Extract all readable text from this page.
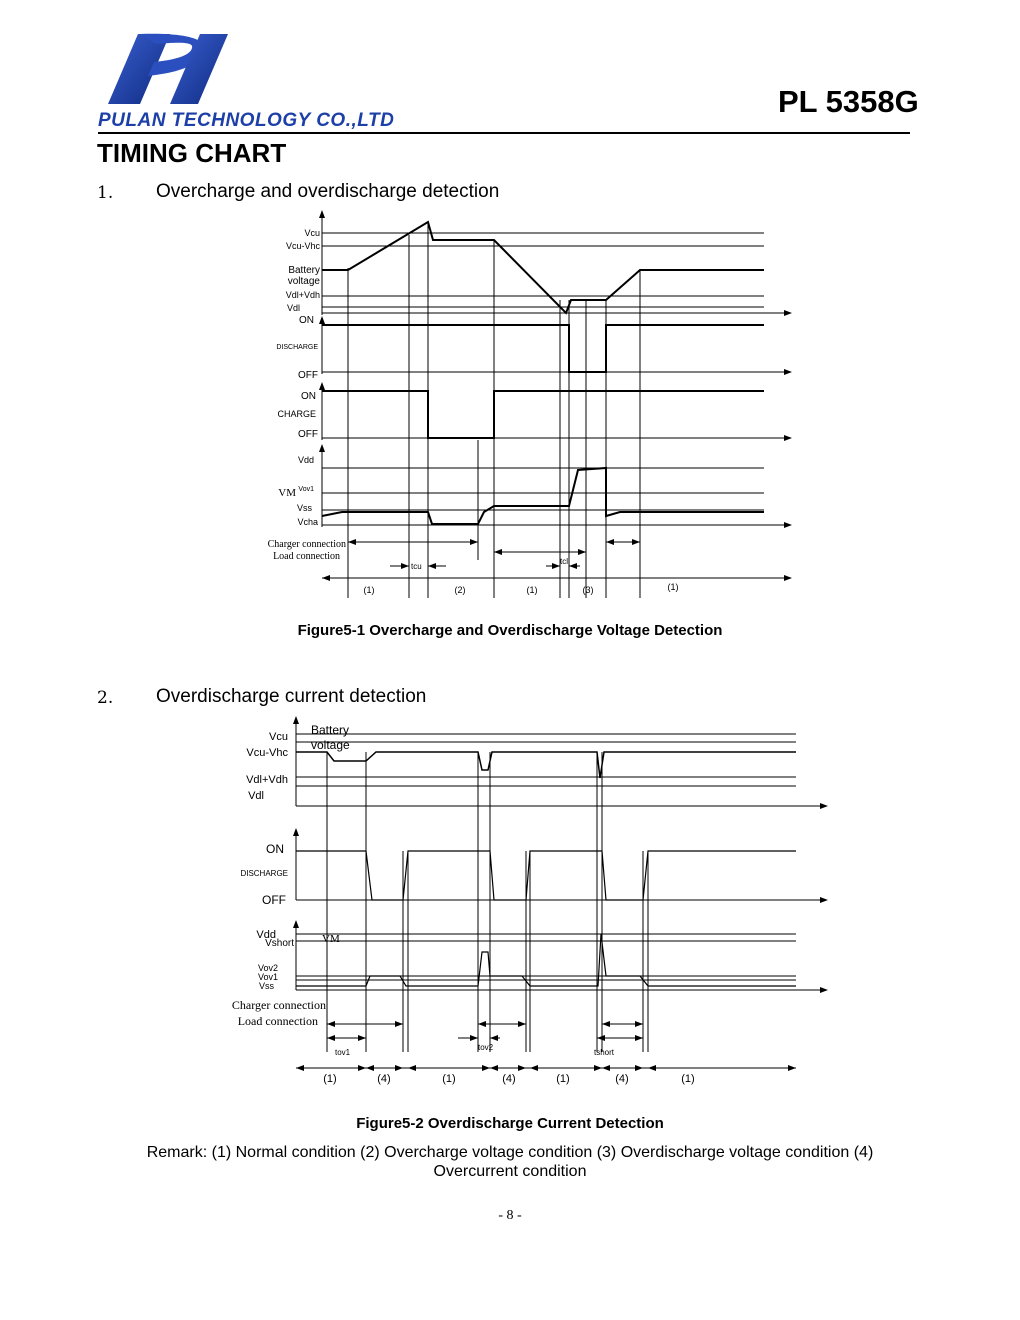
PULAN TECHNOLOGY CO.,LTD
PL 5358G
TIMING CHART
1. Overcharge and overdischarge detection
Vcu
Vcu-Vhc
Battery
voltage
Vdl+Vdh
Vdl
ON
DISCHARGE
OFF
ON
CHARGE
OFF
Vdd
VM Vov1
Vss
Vcha
Charger connection
Load connection
tcu
tcl
(1)	(2)	(1)	(3)	(1)
Figure5-1 Overcharge and Overdischarge Voltage Detection
2. Overdischarge current detection
Vcu
Vcu-Vhc
Vdl+Vdh
Vdl
ON
DISCHARGE
OFF
Vdd
Vshort
Vov2
Vov1
Vss
Charger connection
Load connection
Battery
voltage
VM
tov1
tov2
tshort
(1)	(4)	(1)	(4)	(1)	(4)	(1)
Figure5-2 Overdischarge Current Detection
Remark: (1) Normal condition (2) Overcharge voltage condition (3) Overdischarge voltage condition (4) Overcurrent condition
- 8 -
